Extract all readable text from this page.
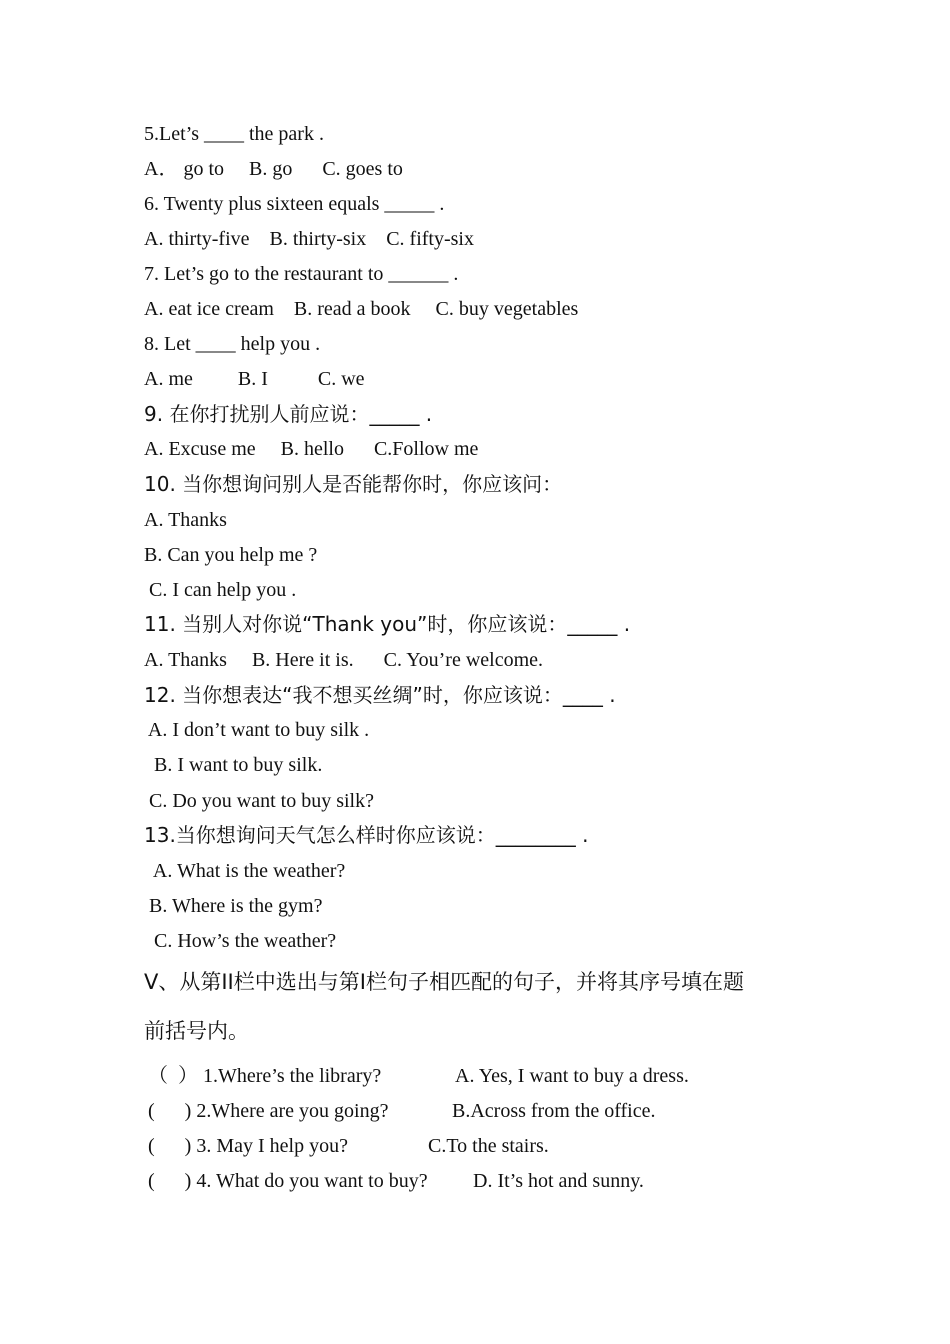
5.Let’s ____ the park .
A． go to     B. go      C. goes to
6. Twenty plus sixteen equals _____ .
A. thirty-five    B. thirty-six    C. fifty-six
7. Let’s go to the restaurant to ______ .
A. eat ice cream    B. read a book     C. buy vegetables
8. Let ____ help you .
A. me         B. I          C. we
9. 在你打扰别人前应说：_____ .
A. Excuse me     B. hello      C.Follow me
10. 当你想询问别人是否能帮你时，你应该问：
A. Thanks
B. Can you help me ?
C. I can help you .
11. 当别人对你说“Thank you”时，你应该说：_____ .
A. Thanks     B. Here it is.      C. You’re welcome.
12. 当你想表达“我不想买丝绸”时，你应该说：____ .
A. I don’t want to buy silk .
B. I want to buy silk.
C. Do you want to buy silk?
13.当你想询问天气怎么样时你应该说：________ .
A. What is the weather?
B. Where is the gym?
C. How’s the weather?
V、从第II栏中选出与第I栏句子相匹配的句子，并将其序号填在题
前括号内。
（  ） 1.Where’s the library?	A. Yes, I want to buy a dress.
(      ) 2.Where are you going?	B.Across from the office.
(      ) 3. May I help you?	C.To the stairs.
(      ) 4. What do you want to buy? D. It’s hot and sunny.
